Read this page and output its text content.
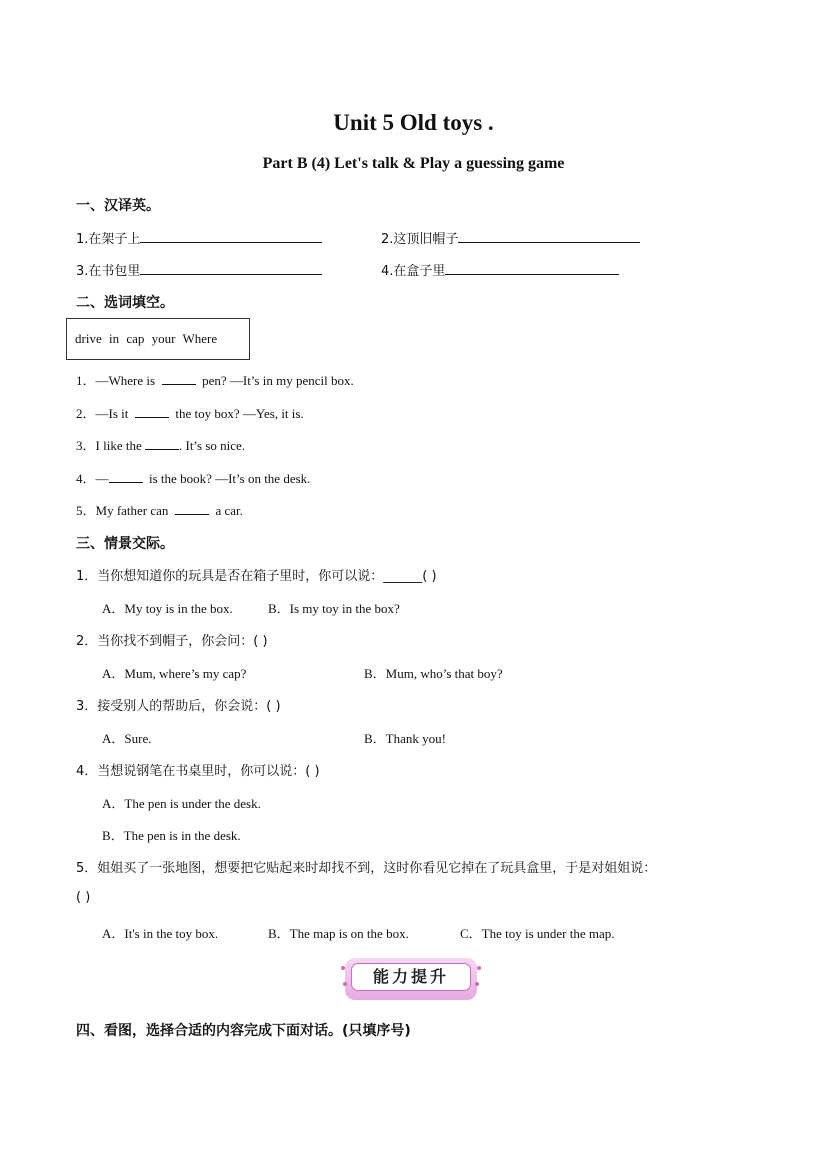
Unit 5 Old toys .
Part B (4) Let's talk & Play a guessing game
一、汉译英。
1.在架子上	2.这顶旧帽子
3.在书包里	4.在盒子里
二、选词填空。
drive in cap your Where
1．—Where is	pen? —It’s in my pencil box.
2．—Is it	the toy box? —Yes, it is.
3．I like the	. It’s so nice.
4．—	is the book? —It’s on the desk.
5．My father can	a car.
三、情景交际。
1．当你想知道你的玩具是否在箱子里时，你可以说：______( )
A．My toy is in the box.	B．Is my toy in the box?
2．当你找不到帽子，你会问：( )
A．Mum, where’s my cap?	B．Mum, who’s that boy?
3．接受别人的帮助后，你会说：( )
A．Sure.	B．Thank you!
4．当想说钢笔在书桌里时，你可以说：( )
A．The pen is under the desk.
B．The pen is in the desk.
5．姐姐买了一张地图，想要把它贴起来时却找不到，这时你看见它掉在了玩具盒里，于是对姐姐说：
( )
A．It's in the toy box.	B．The map is on the box.	C．The toy is under the map.
能力提升
四、看图，选择合适的内容完成下面对话。(只填序号)
